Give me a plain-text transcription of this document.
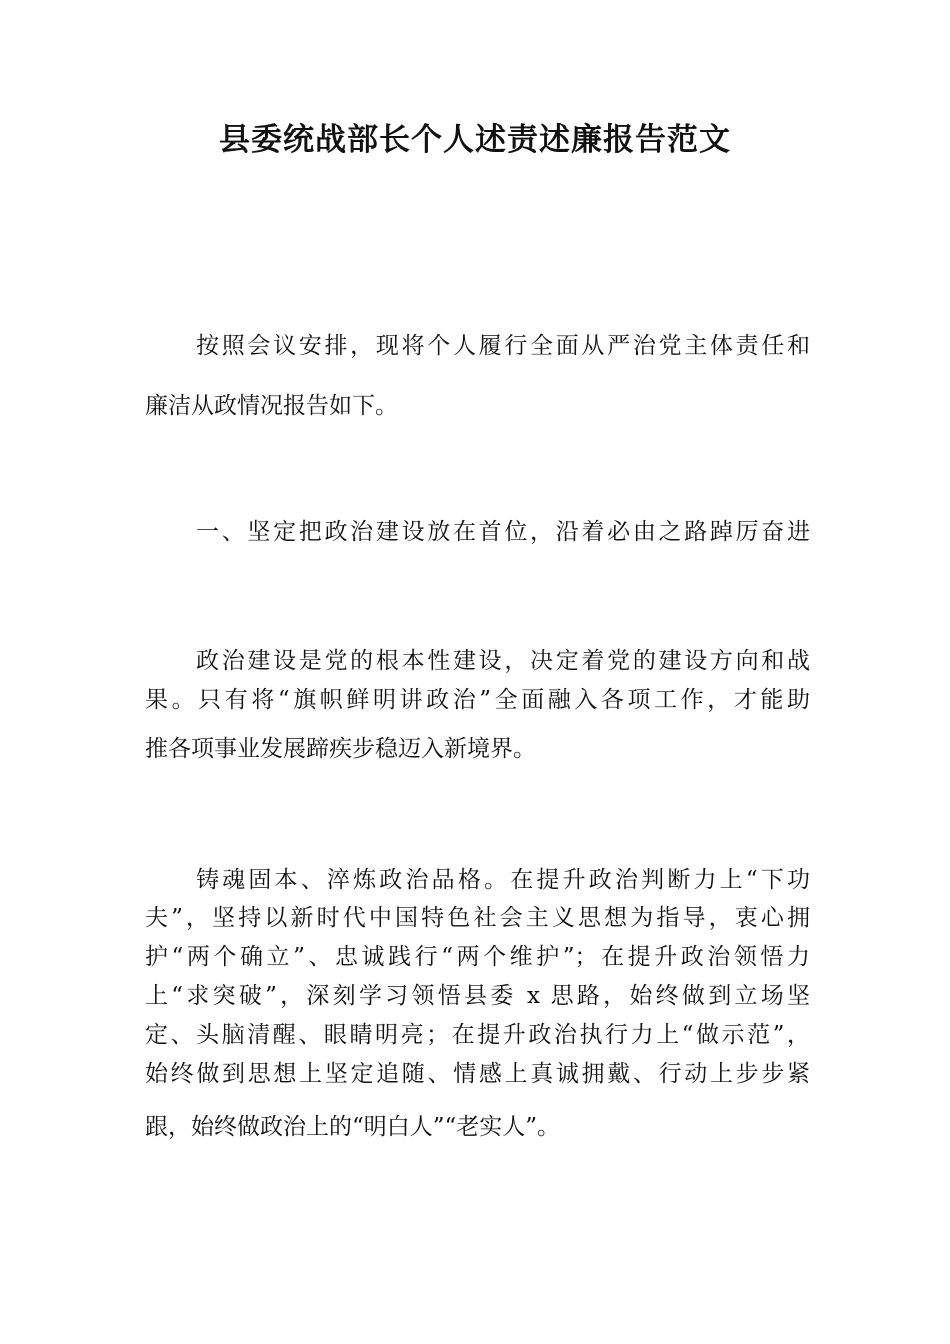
县委统战部长个人述责述廉报告范文

按照会议安排，现将个人履行全面从严治党主体责任和

廉洁从政情况报告如下。

一、坚定把政治建设放在首位，沿着必由之路踔厉奋进

政治建设是党的根本性建设，决定着党的建设方向和战

果。只有将“旗帜鲜明讲政治”全面融入各项工作，才能助

推各项事业发展蹄疾步稳迈入新境界。

铸魂固本、淬炼政治品格。在提升政治判断力上“下功

夫”，坚持以新时代中国特色社会主义思想为指导，衷心拥

护“两个确立”、忠诚践行“两个维护”；在提升政治领悟力

上“求突破”，深刻学习领悟县委 x 思路，始终做到立场坚

定、头脑清醒、眼睛明亮；在提升政治执行力上“做示范”，

始终做到思想上坚定追随、情感上真诚拥戴、行动上步步紧

跟，始终做政治上的“明白人”“老实人”。
